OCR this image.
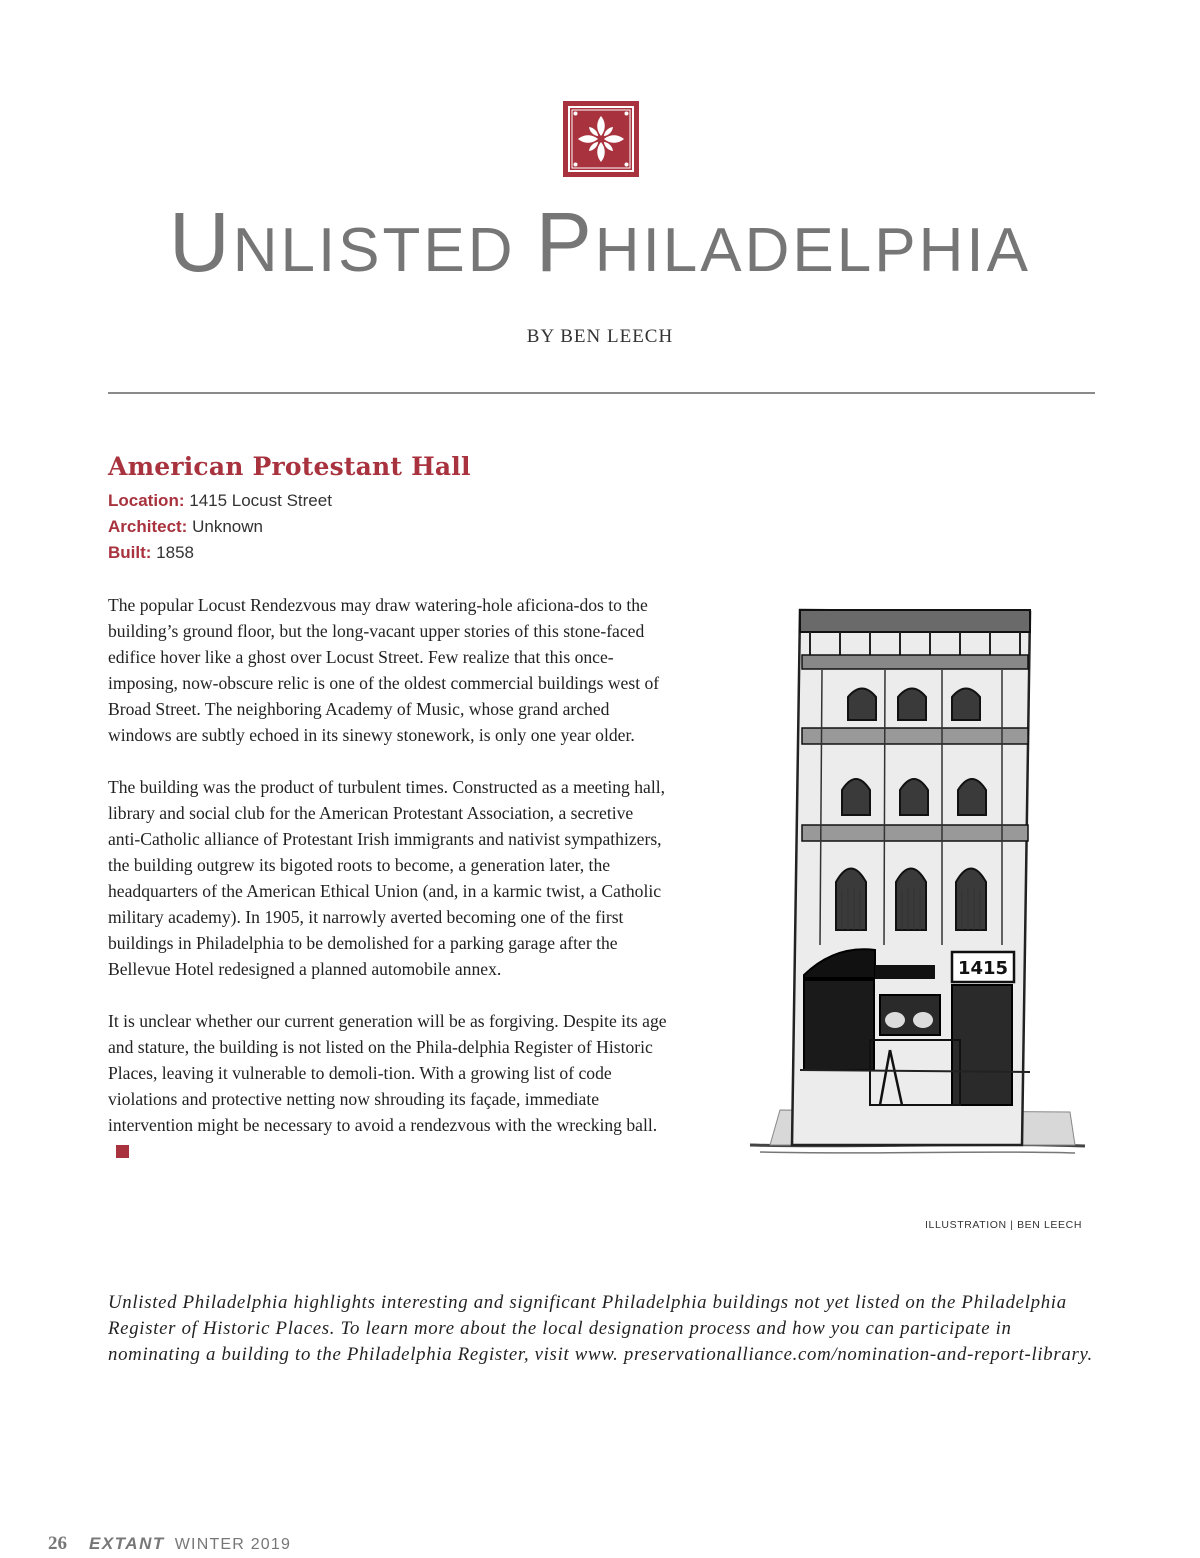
UNLISTED PHILADELPHIA
BY BEN LEECH
American Protestant Hall
Location: 1415 Locust Street
Architect: Unknown
Built: 1858

The popular Locust Rendezvous may draw watering-hole aficiona-dos to the building’s ground floor, but the long-vacant upper stories of this stone-faced edifice hover like a ghost over Locust Street. Few realize that this once-imposing, now-obscure relic is one of the oldest commercial buildings west of Broad Street. The neighboring Academy of Music, whose grand arched windows are subtly echoed in its sinewy stonework, is only one year older.

The building was the product of turbulent times. Constructed as a meeting hall, library and social club for the American Protestant Association, a secretive anti-Catholic alliance of Protestant Irish immigrants and nativist sympathizers, the building outgrew its bigoted roots to become, a generation later, the headquarters of the American Ethical Union (and, in a karmic twist, a Catholic military academy). In 1905, it narrowly averted becoming one of the first buildings in Philadelphia to be demolished for a parking garage after the Bellevue Hotel redesigned a planned automobile annex.

It is unclear whether our current generation will be as forgiving. Despite its age and stature, the building is not listed on the Phila-delphia Register of Historic Places, leaving it vulnerable to demoli-tion. With a growing list of code violations and protective netting now shrouding its façade, immediate intervention might be necessary to avoid a rendezvous with the wrecking ball.

1415
ILLUSTRATION | BEN LEECH
Unlisted Philadelphia highlights interesting and significant Philadelphia buildings not yet listed on the Philadelphia Register of Historic Places. To learn more about the local designation process and how you can participate in nominating a building to the Philadelphia Register, visit www. preservationalliance.com/nomination-and-report-library.
26 EXTANT WINTER 2019
